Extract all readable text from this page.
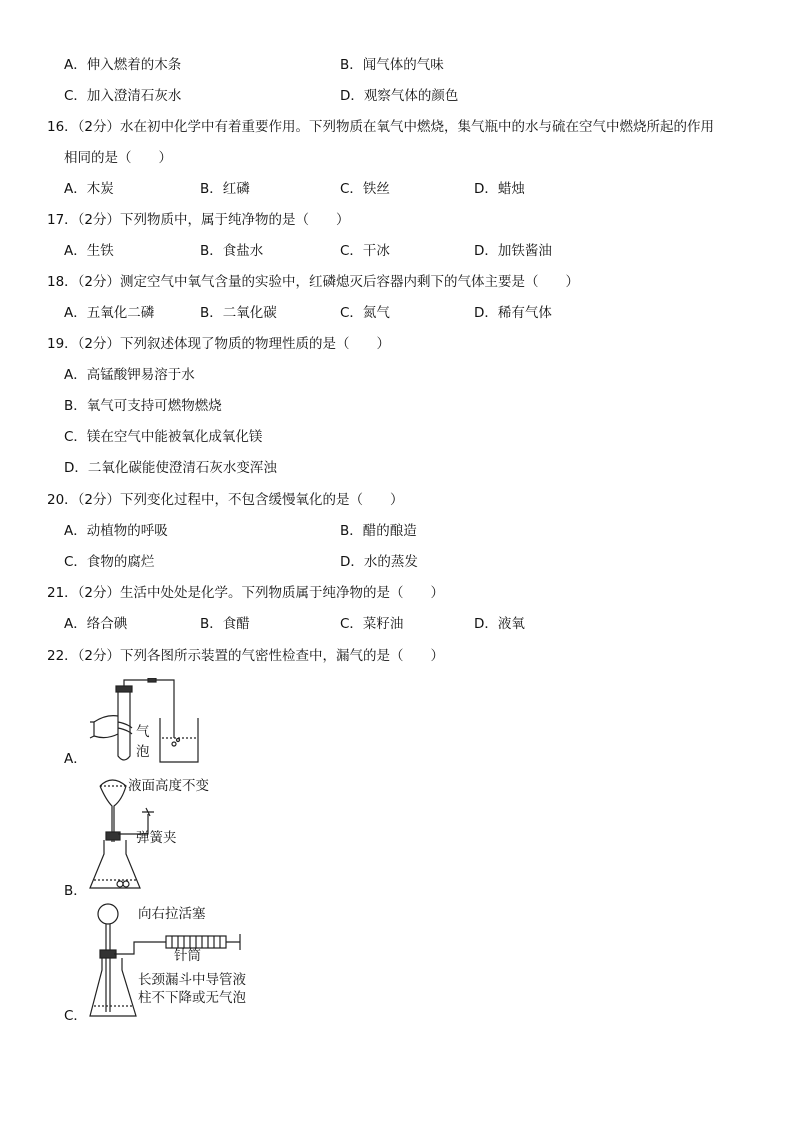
A．伸入燃着的木条	B．闻气体的气味
C．加入澄清石灰水	D．观察气体的颜色
16．（2分）水在初中化学中有着重要作用。下列物质在氧气中燃烧，集气瓶中的水与硫在空气中燃烧所起的作用
相同的是（　　）
A．木炭	B．红磷	C．铁丝	D．蜡烛
17．（2分）下列物质中，属于纯净物的是（　　）
A．生铁	B．食盐水	C．干冰	D．加铁酱油
18．（2分）测定空气中氧气含量的实验中，红磷熄灭后容器内剩下的气体主要是（　　）
A．五氧化二磷	B．二氧化碳	C．氮气	D．稀有气体
19．（2分）下列叙述体现了物质的物理性质的是（　　）
A．高锰酸钾易溶于水
B．氧气可支持可燃物燃烧
C．镁在空气中能被氧化成氧化镁
D．二氧化碳能使澄清石灰水变浑浊
20．（2分）下列变化过程中，不包含缓慢氧化的是（　　）
A．动植物的呼吸	B．醋的酿造
C．食物的腐烂	D．水的蒸发
21．（2分）生活中处处是化学。下列物质属于纯净物的是（　　）
A．络合碘	B．食醋	C．菜籽油	D．液氧
22．（2分）下列各图所示装置的气密性检查中，漏气的是（　　）
A．
B．
C．
气
泡
液面高度不变
弹簧夹
向右拉活塞
针筒
长颈漏斗中导管液
柱不下降或无气泡
